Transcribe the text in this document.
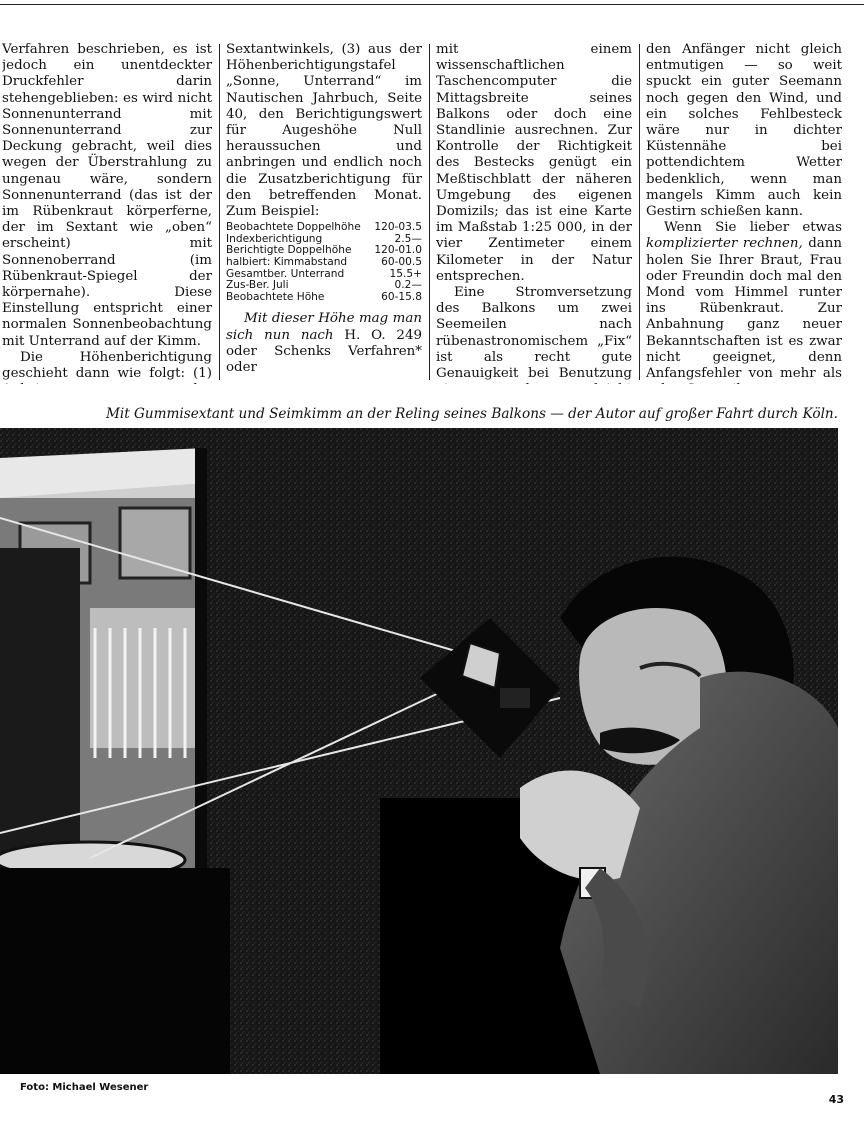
Verfahren beschrieben, es ist jedoch ein unentdeckter Druckfehler darin stehengeblieben: es wird nicht Sonnenunterrand mit Sonnenunterrand zur Deckung gebracht, weil dies wegen der Überstrahlung zu ungenau wäre, sondern Sonnenunterrand (das ist der im Rübenkraut körperferne, der im Sextant wie „oben“ erscheint) mit Sonnenoberrand (im Rübenkraut-Spiegel der körpernahe). Diese Einstellung entspricht einer normalen Sonnenbeobachtung mit Unterrand auf der Kimm.

Die Höhenberichtigung geschieht dann wie folgt: (1)

Sextantwinkels, (3) aus der Höhenberichtigungstafel „Sonne, Unterrand“ im Nautischen Jahrbuch, Seite 40, den Berichtigungswert für Augeshöhe Null heraussuchen und anbringen und endlich noch die Zusatzberichtigung für den betreffenden Monat. Zum Beispiel:

Beobachtete Doppelhöhe 120-03.5
Indexberichtigung	2.5—
Berichtigte Doppelhöhe 120-01.0
halbiert: Kimmabstand	60-00.5
Gesamtber. Unterrand	15.5+
Zus-Ber. Juli	0.2—
Beobachtete Höhe	60-15.8

Mit dieser Höhe mag man sich nun nach H. O. 249 oder Schenks Verfahren* oder

mit einem wissenschaftlichen Taschencomputer die Mittagsbreite seines Balkons oder doch eine Standlinie ausrechnen. Zur Kontrolle der Richtigkeit des Bestecks genügt ein Meßtischblatt der näheren Umgebung des eigenen Domizils; das ist eine Karte im Maßstab 1:25 000, in der vier Zentimeter einem Kilometer in der Natur entsprechen.

Eine Stromversetzung des Balkons um zwei Seemeilen nach rübenastronomischem „Fix“ ist als recht gute Genauigkeit bei Benutzung

den Anfänger nicht gleich entmutigen — so weit spuckt ein guter Seemann noch gegen den Wind, und ein solches Fehlbesteck wäre nur in dichter Küstennähe bei pottendichtem Wetter bedenklich, wenn man mangels Kimm auch kein Gestirn schießen kann.

Wenn Sie lieber etwas komplizierter rechnen, dann holen Sie Ihrer Braut, Frau oder Freundin doch mal den Mond vom Himmel runter ins Rübenkraut. Zur Anbahnung ganz neuer Bekanntschaften ist es zwar nicht geeignet, denn Anfangsfehler von mehr als

Mit Gummisextant und Seimkimm an der Reling seines Balkons — der Autor auf großer Fahrt durch Köln.
Foto: Michael Wesener
43
